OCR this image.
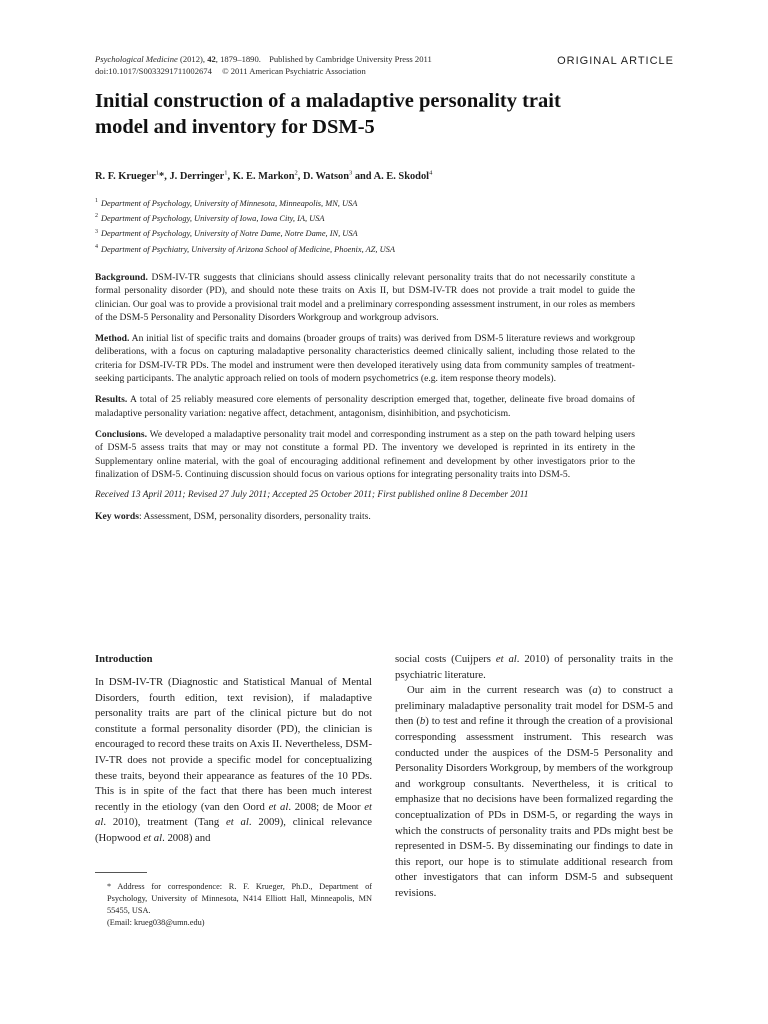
Psychological Medicine (2012), 42, 1879–1890. Published by Cambridge University Press 2011
doi:10.1017/S0033291711002674 © 2011 American Psychiatric Association
ORIGINAL ARTICLE
Initial construction of a maladaptive personality trait
model and inventory for DSM-5
R. F. Krueger$^1$*, J. Derringer$^1$, K. E. Markon$^2$, D. Watson$^3$ and A. E. Skodol$^4$
$^1$ Department of Psychology, University of Minnesota, Minneapolis, MN, USA
$^2$ Department of Psychology, University of Iowa, Iowa City, IA, USA
$^3$ Department of Psychology, University of Notre Dame, Notre Dame, IN, USA
$^4$ Department of Psychiatry, University of Arizona School of Medicine, Phoenix, AZ, USA

Background. DSM-IV-TR suggests that clinicians should assess clinically relevant personality traits that do not necessarily constitute a formal personality disorder (PD), and should note these traits on Axis II, but DSM-IV-TR does not provide a trait model to guide the clinician. Our goal was to provide a provisional trait model and a preliminary corresponding assessment instrument, in our roles as members of the DSM-5 Personality and Personality Disorders Workgroup and workgroup advisors.

Method. An initial list of specific traits and domains (broader groups of traits) was derived from DSM-5 literature reviews and workgroup deliberations, with a focus on capturing maladaptive personality characteristics deemed clinically salient, including those related to the criteria for DSM-IV-TR PDs. The model and instrument were then developed iteratively using data from community samples of treatment-seeking participants. The analytic approach relied on tools of modern psychometrics (e.g. item response theory models).

Results. A total of 25 reliably measured core elements of personality description emerged that, together, delineate five broad domains of maladaptive personality variation: negative affect, detachment, antagonism, disinhibition, and psychoticism.

Conclusions. We developed a maladaptive personality trait model and corresponding instrument as a step on the path toward helping users of DSM-5 assess traits that may or may not constitute a formal PD. The inventory we developed is reprinted in its entirety in the Supplementary online material, with the goal of encouraging additional refinement and development by other investigators prior to the finalization of DSM-5. Continuing discussion should focus on various options for integrating personality traits into DSM-5.

Received 13 April 2011; Revised 27 July 2011; Accepted 25 October 2011; First published online 8 December 2011
Key words: Assessment, DSM, personality disorders, personality traits.
Introduction

In DSM-IV-TR (Diagnostic and Statistical Manual of Mental Disorders, fourth edition, text revision), if maladaptive personality traits are part of the clinical picture but do not constitute a formal personality disorder (PD), the clinician is encouraged to record these traits on Axis II. Nevertheless, DSM-IV-TR does not provide a specific model for conceptualizing these traits, beyond their appearance as features of the 10 PDs. This is in spite of the fact that there has been much interest recently in the etiology (van den Oord et al. 2008; de Moor et al. 2010), treatment (Tang et al. 2009), clinical relevance (Hopwood et al. 2008) and

* Address for correspondence: R. F. Krueger, Ph.D., Department of Psychology, University of Minnesota, N414 Elliott Hall, Minneapolis, MN 55455, USA.
(Email: krueg038@umn.edu)

social costs (Cuijpers et al. 2010) of personality traits in the psychiatric literature.

Our aim in the current research was (a) to construct a preliminary maladaptive personality trait model for DSM-5 and then (b) to test and refine it through the creation of a provisional corresponding assessment instrument. This research was conducted under the auspices of the DSM-5 Personality and Personality Disorders Workgroup, by members of the workgroup and workgroup consultants. Nevertheless, it is critical to emphasize that no decisions have been formalized regarding the conceptualization of PDs in DSM-5, or regarding the ways in which the constructs of personality traits and PDs might best be represented in DSM-5. By disseminating our findings to date in this report, our hope is to stimulate additional research from other investigators that can inform DSM-5 and subsequent revisions.
